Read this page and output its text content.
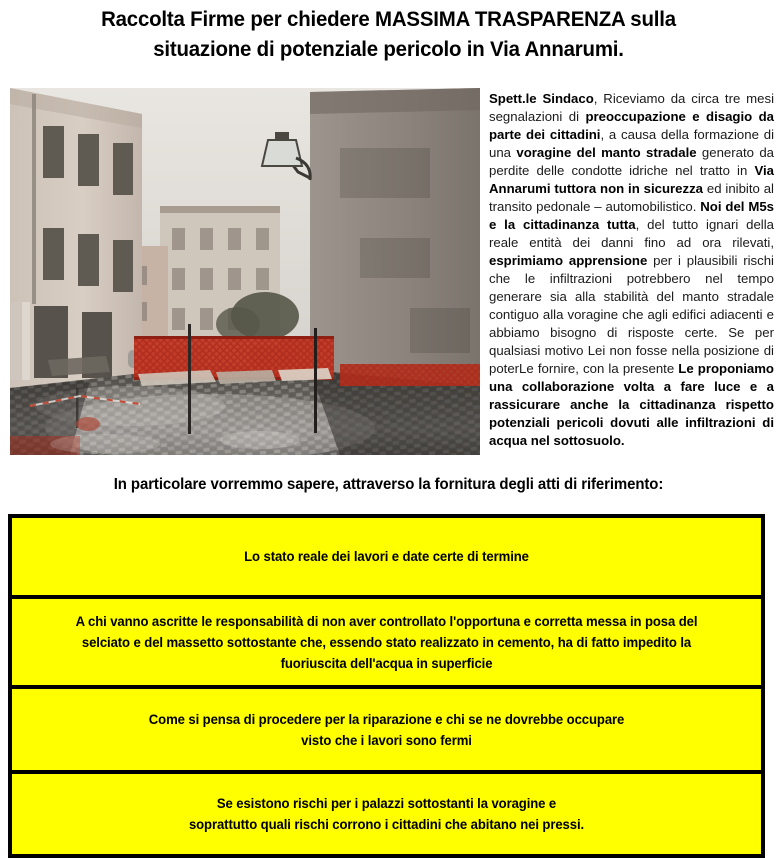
Raccolta Firme per chiedere MASSIMA TRASPARENZA sulla
situazione di potenziale pericolo in Via Annarumi.
Spett.le Sindaco, Riceviamo da circa tre mesi segnalazioni di preoccupazione e disagio da parte dei cittadini, a causa della formazione di una voragine del manto stradale generato da perdite delle condotte idriche nel tratto in Via Annarumi tuttora non in sicurezza ed inibito al transito pedonale – automobilistico. Noi del M5s e la cittadinanza tutta, del tutto ignari della reale entità dei danni fino ad ora rilevati, esprimiamo apprensione per i plausibili rischi che le infiltrazioni potrebbero nel tempo generare sia alla stabilità del manto stradale contiguo alla voragine che agli edifici adiacenti e abbiamo bisogno di risposte certe. Se per qualsiasi motivo Lei non fosse nella posizione di poterLe fornire, con la presente Le proponiamo una collaborazione volta a fare luce e a rassicurare anche la cittadinanza rispetto potenziali pericoli dovuti alle infiltrazioni di acqua nel sottosuolo.
In particolare vorremmo sapere, attraverso la fornitura degli atti di riferimento:
Lo stato reale dei lavori e date certe di termine
A chi vanno ascritte le responsabilità di non aver controllato l'opportuna e corretta messa in posa del
selciato e del massetto sottostante che, essendo stato realizzato in cemento, ha di fatto impedito la
fuoriuscita dell'acqua in superficie
Come si pensa di procedere per la riparazione e chi se ne dovrebbe occupare
visto che i lavori sono fermi
Se esistono rischi per i palazzi sottostanti la voragine e
soprattutto quali rischi corrono i cittadini che abitano nei pressi.
